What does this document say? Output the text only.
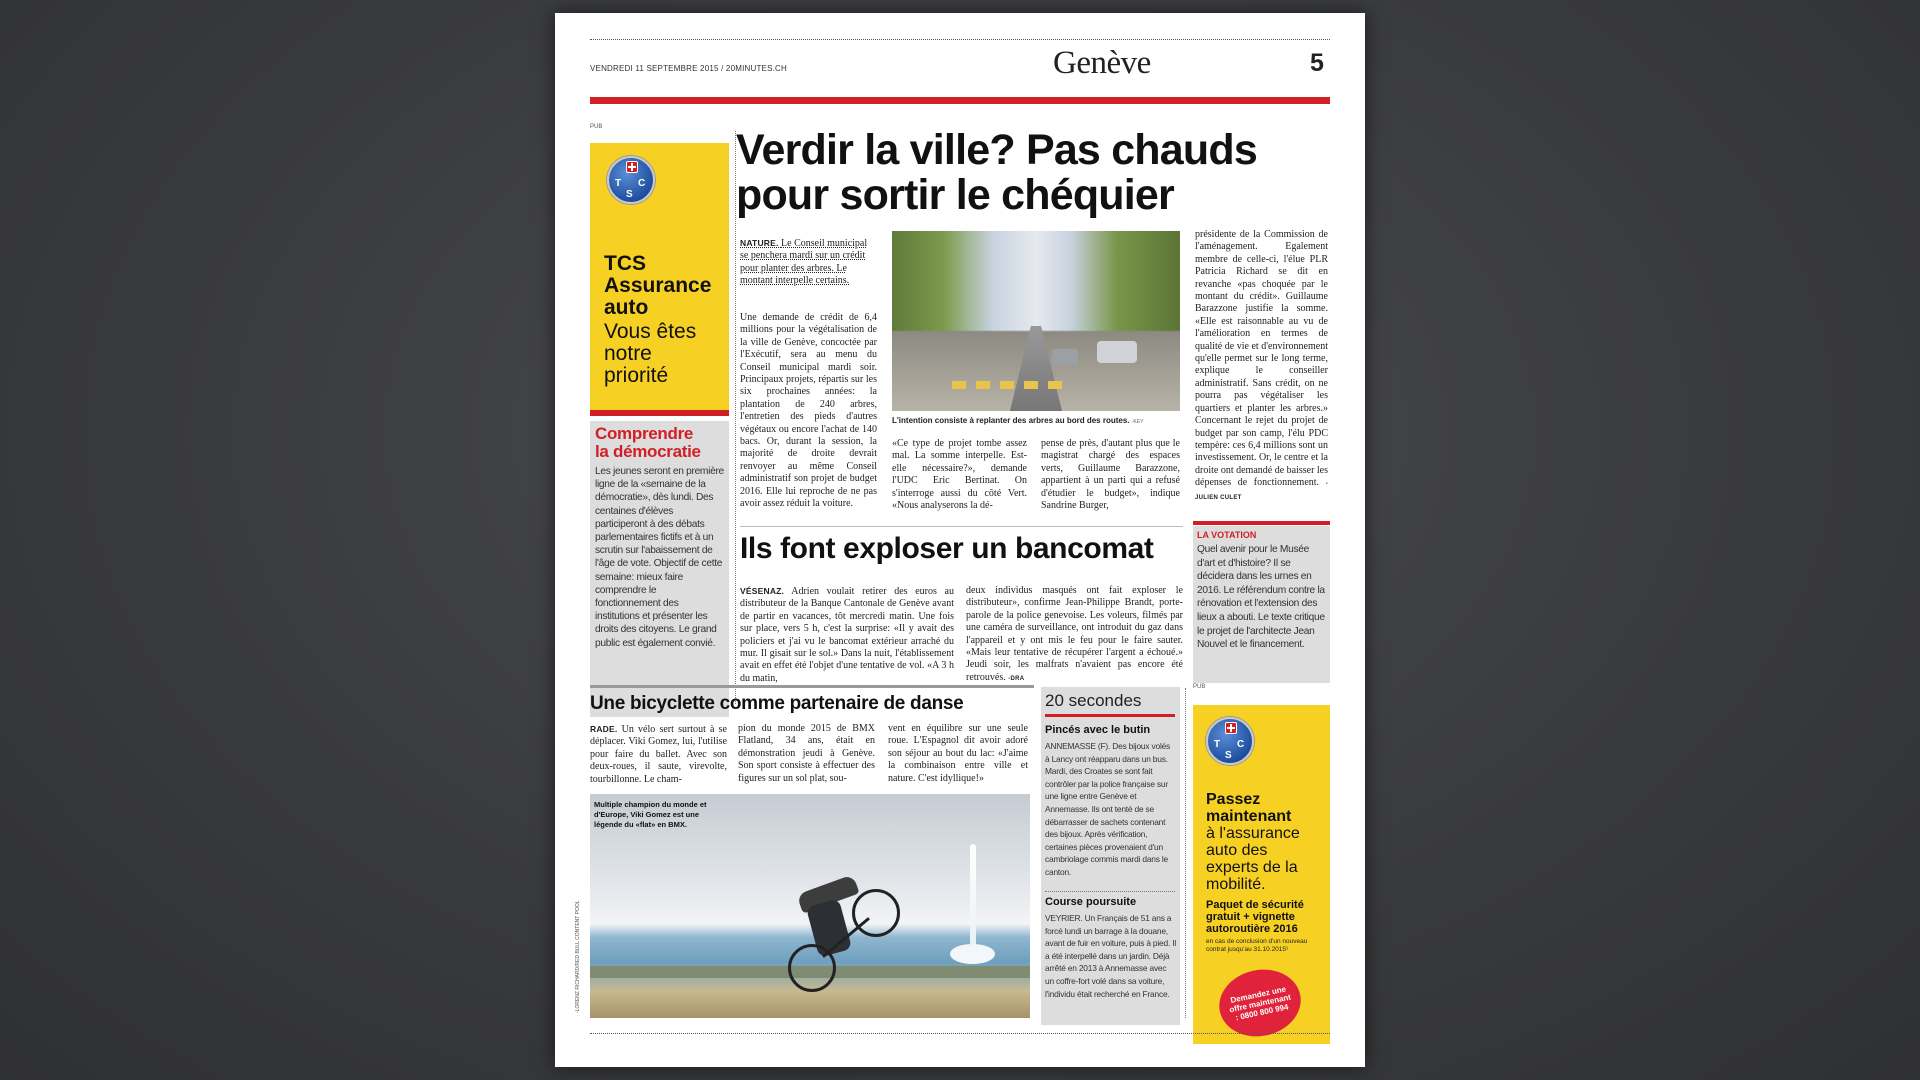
VENDREDI 11 SEPTEMBRE 2015 / 20MINUTES.CH	Genève	5
PUB
T C
S
TCS
Assurance
auto
Vous êtes
notre
priorité
Comprendre
la démocratie

Les jeunes seront en première ligne de la «semaine de la démocratie», dès lundi. Des centaines d'élèves participeront à des débats parlementaires fictifs et à un scrutin sur l'abaissement de l'âge de vote. Objectif de cette semaine: mieux faire comprendre le fonctionnement des institutions et présenter les droits des citoyens. Le grand public est également convié.

Verdir la ville? Pas chauds pour sortir le chéquier

NATURE. Le Conseil municipal se penchera mardi sur un crédit pour planter des arbres. Le montant interpelle certains.

Une demande de crédit de 6,4 millions pour la végétalisation de la ville de Genève, concoctée par l'Exécutif, sera au menu du Conseil municipal mardi soir. Principaux projets, répartis sur les six prochaines années: la plantation de 240 arbres, l'entretien des pieds d'autres végétaux ou encore l'achat de 140 bacs. Or, durant la session, la majorité de droite devrait renvoyer au même Conseil administratif son projet de budget 2016. Elle lui reproche de ne pas avoir assez réduit la voiture.

L'intention consiste à replanter des arbres au bord des routes. -KEY

«Ce type de projet tombe assez mal. La somme interpelle. Est-elle nécessaire?», demande l'UDC Eric Bertinat. On s'interroge aussi du côté Vert. «Nous analyserons la dé-

pense de près, d'autant plus que le magistrat chargé des espaces verts, Guillaume Barazzone, appartient à un parti qui a refusé d'étudier le budget», indique Sandrine Burger,

présidente de la Commission de l'aménagement. Egalement membre de celle-ci, l'élue PLR Patricia Richard se dit en revanche «pas choquée par le montant du crédit». Guillaume Barazzone justifie la somme. «Elle est raisonnable au vu de l'amélioration en termes de qualité de vie et d'environnement qu'elle permet sur le long terme, explique le conseiller administratif. Sans crédit, on ne pourra pas végétaliser les quartiers et planter les arbres.» Concernant le rejet du projet de budget par son camp, l'élu PDC tempère: ces 6,4 millions sont un investissement. Or, le centre et la droite ont demandé de baisser les dépenses de fonctionnement. -JULIEN CULET

LA VOTATION

Quel avenir pour le Musée d'art et d'histoire? Il se décidera dans les urnes en 2016. Le référendum contre la rénovation et l'extension des lieux a abouti. Le texte critique le projet de l'architecte Jean Nouvel et le financement.

Ils font exploser un bancomat

VÉSENAZ. Adrien voulait retirer des euros au distributeur de la Banque Cantonale de Genève avant de partir en vacances, tôt mercredi matin. Une fois sur place, vers 5 h, c'est la surprise: «Il y avait des policiers et j'ai vu le bancomat extérieur arraché du mur. Il gisait sur le sol.» Dans la nuit, l'établissement avait en effet été l'objet d'une tentative de vol. «A 3 h du matin,

deux individus masqués ont fait exploser le distributeur», confirme Jean-Philippe Brandt, porte-parole de la police genevoise. Les voleurs, filmés par une caméra de surveillance, ont introduit du gaz dans l'appareil et y ont mis le feu pour le faire sauter. «Mais leur tentative de récupérer l'argent a échoué.» Jeudi soir, les malfrats n'avaient pas encore été retrouvés. -DRA

Une bicyclette comme partenaire de danse

RADE. Un vélo sert surtout à se déplacer. Viki Gomez, lui, l'utilise pour faire du ballet. Avec son deux-roues, il saute, virevolte, tourbillonne. Le cham-

pion du monde 2015 de BMX Flatland, 34 ans, était en démonstration jeudi à Genève. Son sport consiste à effectuer des figures sur un sol plat, sou-

vent en équilibre sur une seule roue. L'Espagnol dit avoir adoré son séjour au bout du lac: «J'aime la combinaison entre ville et nature. C'est idyllique!»

Multiple champion du monde et d'Europe, Viki Gomez est une légende du «flat» en BMX.

-LORENZ RICHARD/RED BULL CONTENT POOL
20 secondes
Pincés avec le butin

ANNEMASSE (F). Des bijoux volés à Lancy ont réapparu dans un bus. Mardi, des Croates se sont fait contrôler par la police française sur une ligne entre Genève et Annemasse. Ils ont tenté de se débarrasser de sachets contenant des bijoux. Après vérification, certaines pièces provenaient d'un cambriolage commis mardi dans le canton.

Course poursuite

VEYRIER. Un Français de 51 ans a forcé lundi un barrage à la douane, avant de fuir en voiture, puis à pied. Il a été interpellé dans un jardin. Déjà arrêté en 2013 à Annemasse avec un coffre-fort volé dans sa voiture, l'individu était recherché en France.

PUB
T C
S
Passez
maintenant
à l'assurance
auto des
experts de la
mobilité.

Paquet de sécurité gratuit + vignette autoroutière 2016

en cas de conclusion d'un nouveau contrat jusqu'au 31.10.2015¹

Demandez une offre maintenant : 0800 800 994
